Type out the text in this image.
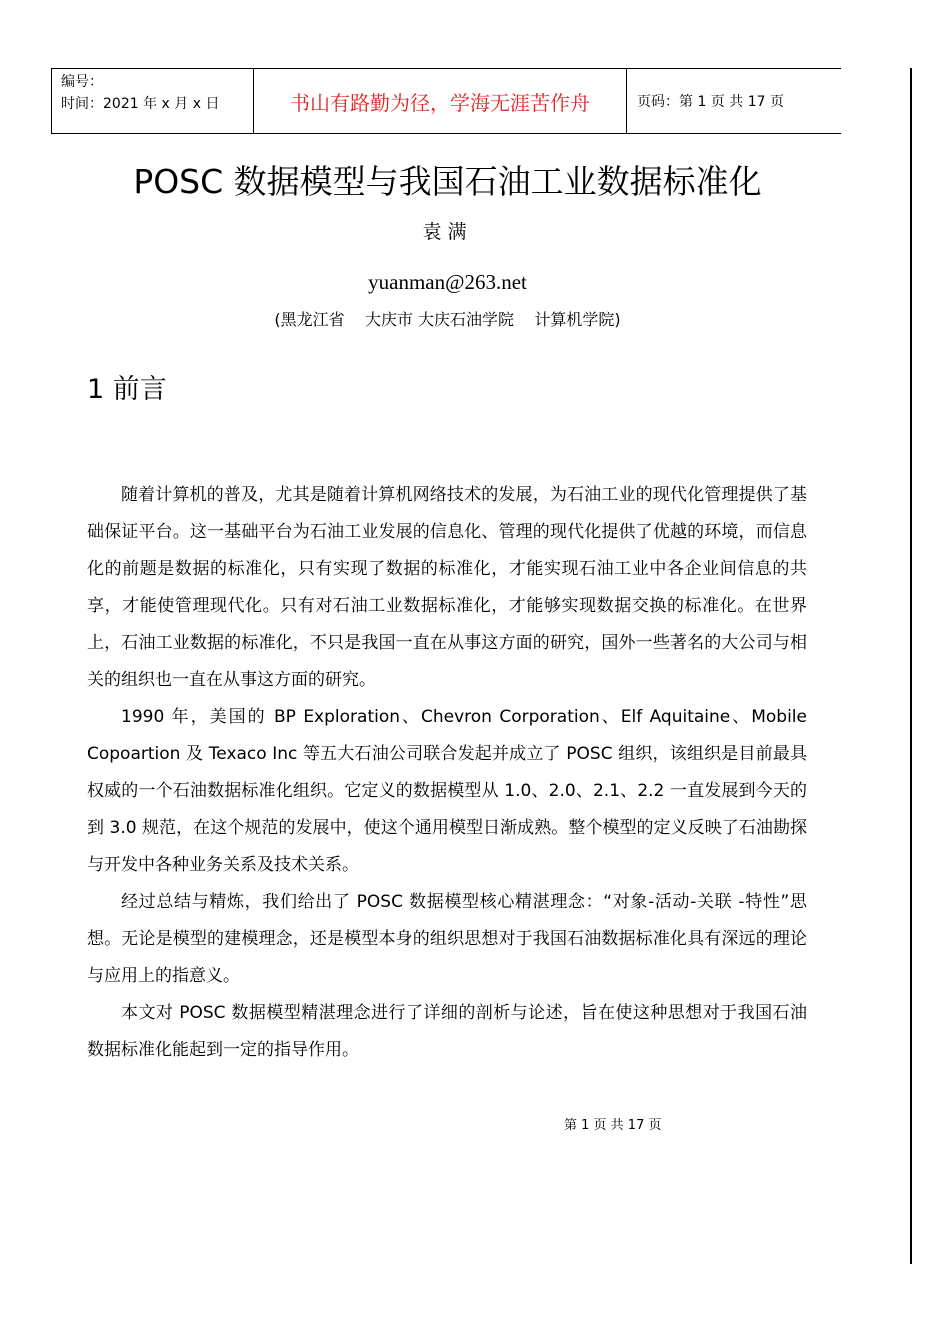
编号：
时间：2021 年 x 月 x 日	书山有路勤为径，学海无涯苦作舟	页码：第 1 页 共 17 页
POSC 数据模型与我国石油工业数据标准化
袁满
yuanman@263.net
(黑龙江省    大庆市 大庆石油学院    计算机学院)
1 前言

随着计算机的普及，尤其是随着计算机网络技术的发展，为石油工业的现代化管理提供了基础保证平台。这一基础平台为石油工业发展的信息化、管理的现代化提供了优越的环境，而信息化的前题是数据的标准化，只有实现了数据的标准化，才能实现石油工业中各企业间信息的共享，才能使管理现代化。只有对石油工业数据标准化，才能够实现数据交换的标准化。在世界上，石油工业数据的标准化，不只是我国一直在从事这方面的研究，国外一些著名的大公司与相关的组织也一直在从事这方面的研究。

1990 年，美国的 BP Exploration、Chevron Corporation、Elf Aquitaine、Mobile Copoartion 及 Texaco Inc 等五大石油公司联合发起并成立了 POSC 组织，该组织是目前最具权威的一个石油数据标准化组织。它定义的数据模型从 1.0、2.0、2.1、2.2 一直发展到今天的到 3.0 规范，在这个规范的发展中，使这个通用模型日渐成熟。整个模型的定义反映了石油勘探与开发中各种业务关系及技术关系。

经过总结与精炼，我们给出了 POSC 数据模型核心精湛理念：“对象-活动-关联 -特性”思想。无论是模型的建模理念，还是模型本身的组织思想对于我国石油数据标准化具有深远的理论与应用上的指意义。

本文对 POSC 数据模型精湛理念进行了详细的剖析与论述，旨在使这种思想对于我国石油数据标准化能起到一定的指导作用。

第 1 页 共 17 页
